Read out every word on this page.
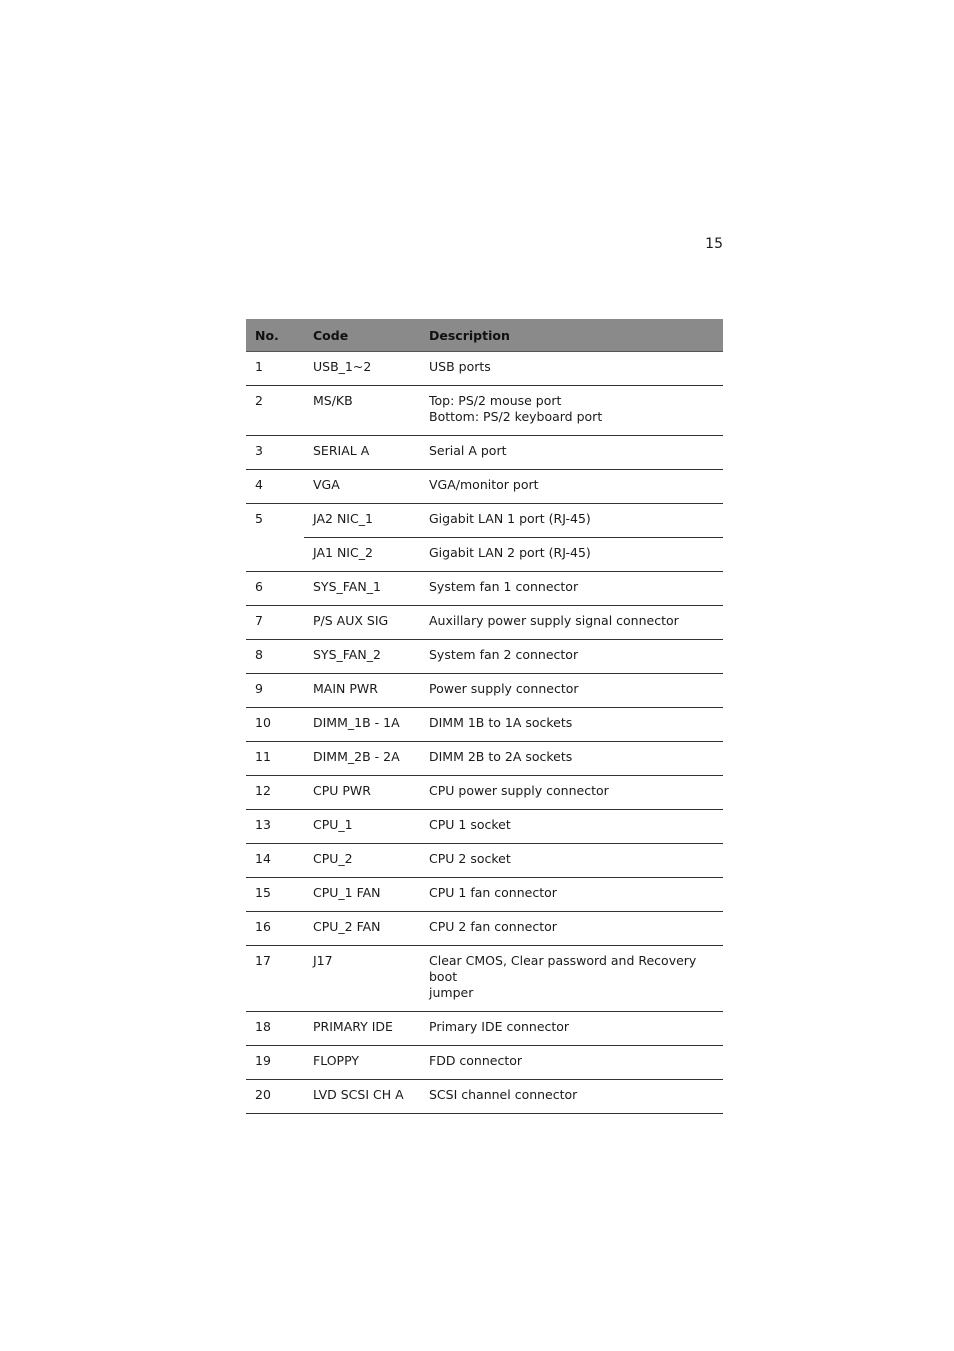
15
No.	Code	Description
1	USB_1~2	USB ports

2	MS/KB	Top: PS/2 mouse port
Bottom: PS/2 keyboard port

3	SERIAL A	Serial A port

4	VGA	VGA/monitor port

5	JA2 NIC_1	Gigabit LAN 1 port (RJ-45)

	JA1 NIC_2	Gigabit LAN 2 port (RJ-45)

6	SYS_FAN_1	System fan 1 connector

7	P/S AUX SIG	Auxillary power supply signal connector

8	SYS_FAN_2	System fan 2 connector

9	MAIN PWR	Power supply connector

10	DIMM_1B - 1A	DIMM 1B to 1A sockets

11	DIMM_2B - 2A	DIMM 2B to 2A sockets

12	CPU PWR	CPU power supply connector

13	CPU_1	CPU 1 socket

14	CPU_2	CPU 2 socket

15	CPU_1 FAN	CPU 1 fan connector

16	CPU_2 FAN	CPU 2 fan connector

17	J17	Clear CMOS, Clear password and Recovery boot
jumper

18	PRIMARY IDE	Primary IDE connector

19	FLOPPY	FDD connector

20	LVD SCSI CH A	SCSI channel connector
